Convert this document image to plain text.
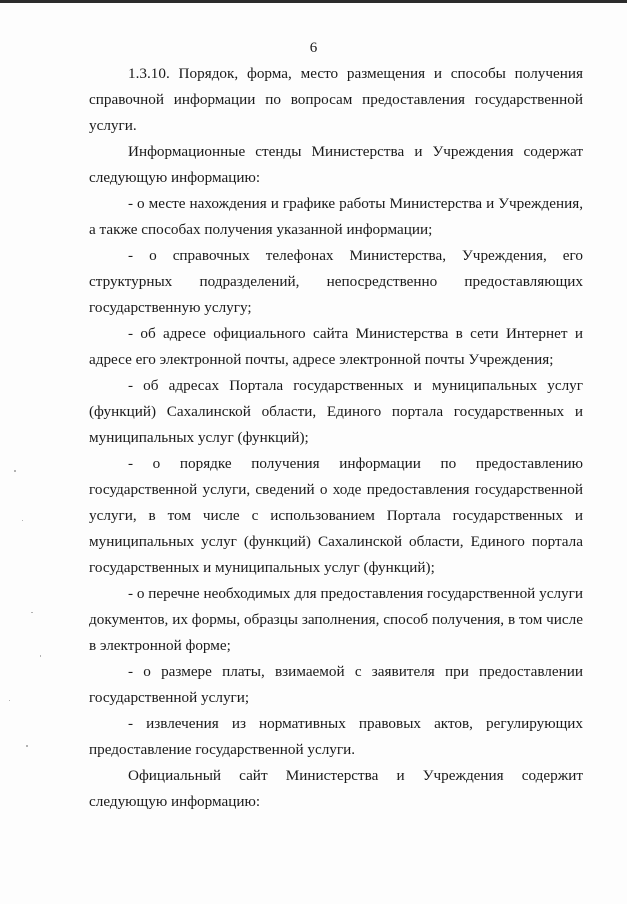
6

1.3.10. Порядок, форма, место размещения и способы получения справочной информации по вопросам предоставления государственной услуги.

Информационные стенды Министерства и Учреждения содержат следующую информацию:

- о месте нахождения и графике работы Министерства и Учреждения, а также способах получения указанной информации;

- о справочных телефонах Министерства, Учреждения, его структурных подразделений, непосредственно предоставляющих государственную услугу;

- об адресе официального сайта Министерства в сети Интернет и адресе его электронной почты, адресе электронной почты Учреждения;

- об адресах Портала государственных и муниципальных услуг (функций) Сахалинской области, Единого портала государственных и муниципальных услуг (функций);

- о порядке получения информации по предоставлению государственной услуги, сведений о ходе предоставления государственной услуги, в том числе с использованием Портала государственных и муниципальных услуг (функций) Сахалинской области, Единого портала государственных и муниципальных услуг (функций);

- о перечне необходимых для предоставления государственной услуги документов, их формы, образцы заполнения, способ получения, в том числе в электронной форме;

- о размере платы, взимаемой с заявителя при предоставлении государственной услуги;

- извлечения из нормативных правовых актов, регулирующих предоставление государственной услуги.

Официальный сайт Министерства и Учреждения содержит следующую информацию:
